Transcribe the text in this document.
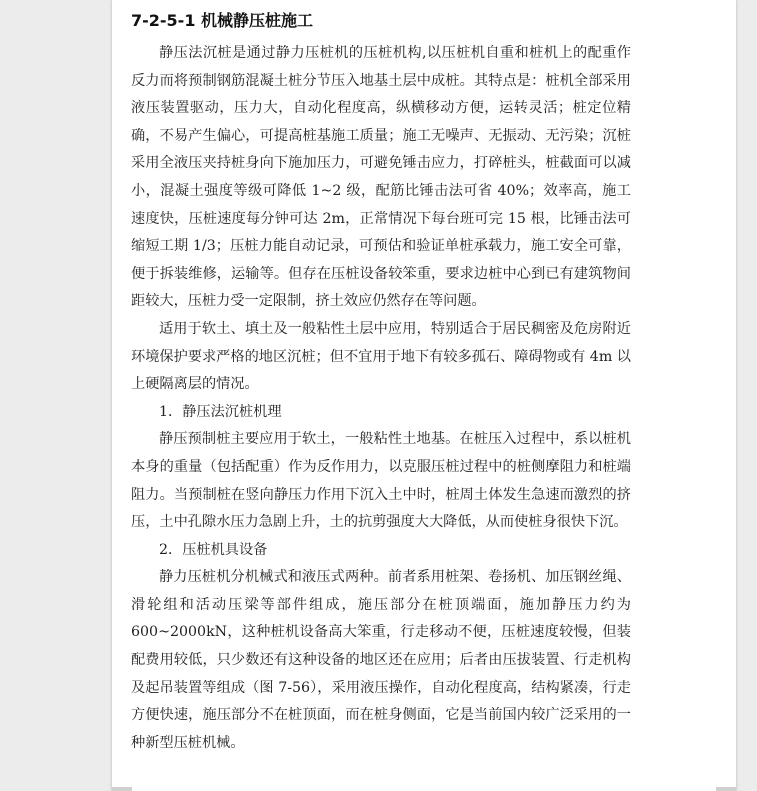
7-2-5-1 机械静压桩施工

静压法沉桩是通过静力压桩机的压桩机构,以压桩机自重和桩机上的配重作反力而将预制钢筋混凝土桩分节压入地基土层中成桩。其特点是：桩机全部采用液压装置驱动，压力大，自动化程度高，纵横移动方便，运转灵活；桩定位精确，不易产生偏心，可提高桩基施工质量；施工无噪声、无振动、无污染；沉桩采用全液压夹持桩身向下施加压力，可避免锤击应力，打碎桩头，桩截面可以减小，混凝土强度等级可降低 1~2 级，配筋比锤击法可省 40%；效率高，施工速度快，压桩速度每分钟可达 2m，正常情况下每台班可完 15 根，比锤击法可缩短工期 1/3；压桩力能自动记录，可预估和验证单桩承载力，施工安全可靠，便于拆装维修，运输等。但存在压桩设备较笨重，要求边桩中心到已有建筑物间距较大，压桩力受一定限制，挤土效应仍然存在等问题。

适用于软土、填土及一般粘性土层中应用，特别适合于居民稠密及危房附近环境保护要求严格的地区沉桩；但不宜用于地下有较多孤石、障碍物或有 4m 以上硬隔离层的情况。

1．静压法沉桩机理

静压预制桩主要应用于软土，一般粘性土地基。在桩压入过程中，系以桩机本身的重量（包括配重）作为反作用力，以克服压桩过程中的桩侧摩阻力和桩端阻力。当预制桩在竖向静压力作用下沉入土中时，桩周土体发生急速而激烈的挤压，土中孔隙水压力急剧上升，土的抗剪强度大大降低，从而使桩身很快下沉。

2．压桩机具设备

静力压桩机分机械式和液压式两种。前者系用桩架、卷扬机、加压钢丝绳、滑轮组和活动压梁等部件组成，施压部分在桩顶端面，施加静压力约为 600~2000kN，这种桩机设备高大笨重，行走移动不便，压桩速度较慢，但装配费用较低，只少数还有这种设备的地区还在应用；后者由压拔装置、行走机构及起吊装置等组成（图 7-56），采用液压操作，自动化程度高，结构紧凑，行走方便快速，施压部分不在桩顶面，而在桩身侧面，它是当前国内较广泛采用的一种新型压桩机械。
